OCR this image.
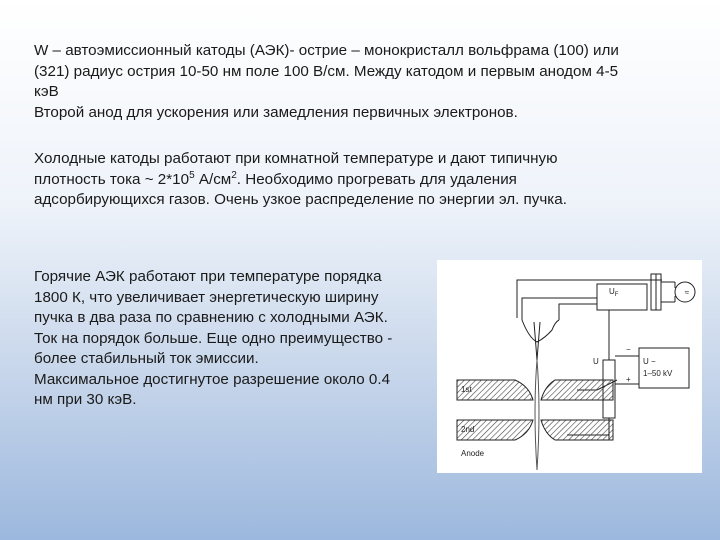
W – автоэмиссионный катоды (АЭК)- острие – монокристалл вольфрама (100) или
(321) радиус острия 10-50 нм поле 100 В/см. Между катодом и первым анодом 4-5
кэВ
Второй анод для ускорения или замедления первичных электронов.
Холодные катоды работают при комнатной температуре и дают типичную
плотность тока ~ $2*10^5$ $А/см^2$. Необходимо прогревать для удаления
адсорбирующихся газов. Очень узкое распределение по энергии эл. пучка.
Горячие АЭК работают при температуре порядка
1800 К, что увеличивает энергетическую ширину
пучка в два раза по сравнению с холодными АЭК.
Ток на порядок больше. Еще одно преимущество -
более стабильный ток эмиссии.
Максимальное достигнутое разрешение около 0.4
нм при 30 кэВ.
$U_F$	≈
U
−
+
U −
1–50 kV
1st
2nd
Anode
